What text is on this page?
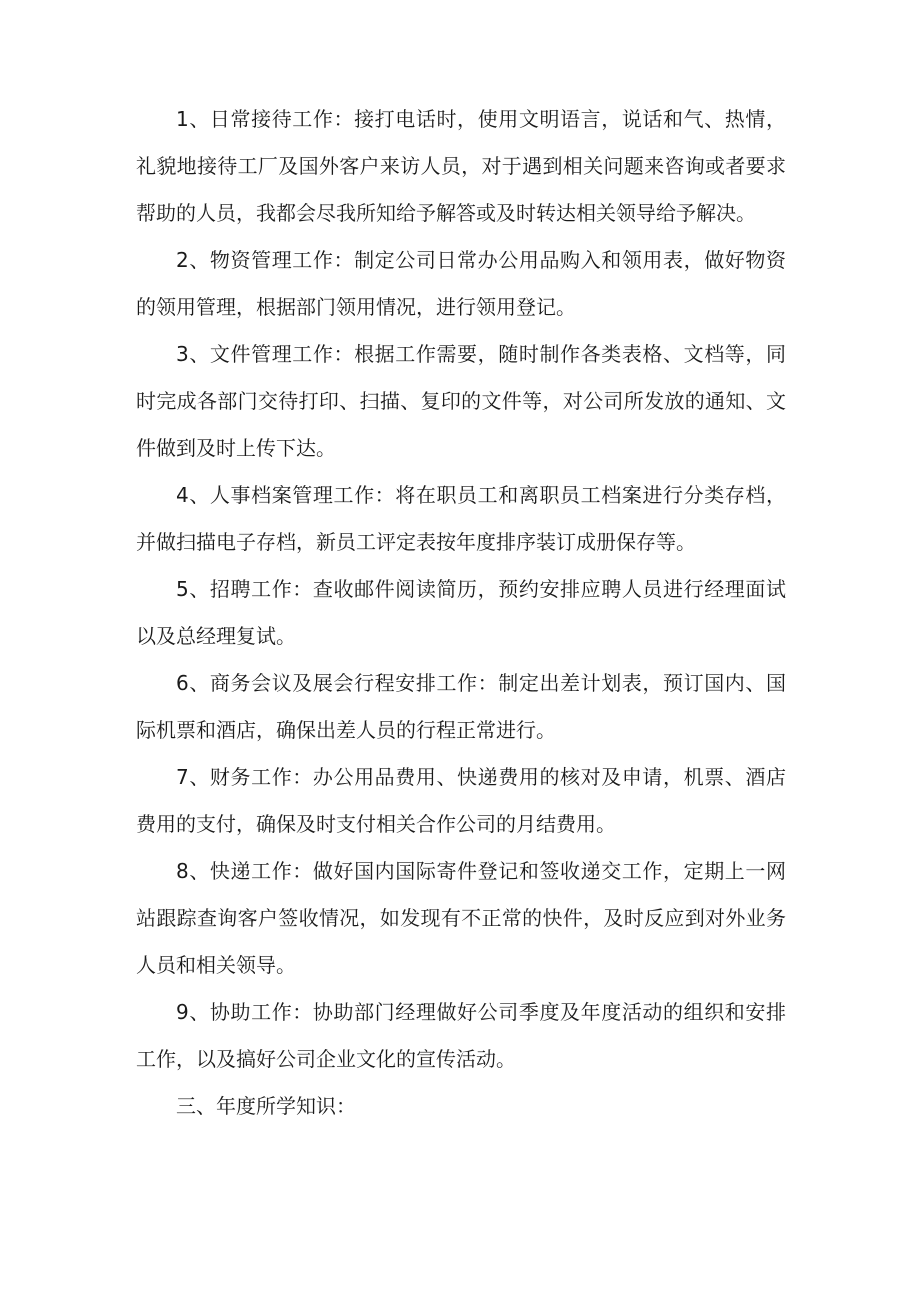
1、日常接待工作：接打电话时，使用文明语言，说话和气、热情，礼貌地接待工厂及国外客户来访人员，对于遇到相关问题来咨询或者要求帮助的人员，我都会尽我所知给予解答或及时转达相关领导给予解决。

2、物资管理工作：制定公司日常办公用品购入和领用表，做好物资的领用管理，根据部门领用情况，进行领用登记。

3、文件管理工作：根据工作需要，随时制作各类表格、文档等，同时完成各部门交待打印、扫描、复印的文件等，对公司所发放的通知、文件做到及时上传下达。

4、人事档案管理工作：将在职员工和离职员工档案进行分类存档，并做扫描电子存档，新员工评定表按年度排序装订成册保存等。

5、招聘工作：查收邮件阅读简历，预约安排应聘人员进行经理面试以及总经理复试。

6、商务会议及展会行程安排工作：制定出差计划表，预订国内、国际机票和酒店，确保出差人员的行程正常进行。

7、财务工作：办公用品费用、快递费用的核对及申请，机票、酒店费用的支付，确保及时支付相关合作公司的月结费用。

8、快递工作：做好国内国际寄件登记和签收递交工作，定期上一网站跟踪查询客户签收情况，如发现有不正常的快件，及时反应到对外业务人员和相关领导。

9、协助工作：协助部门经理做好公司季度及年度活动的组织和安排工作，以及搞好公司企业文化的宣传活动。

三、年度所学知识：
